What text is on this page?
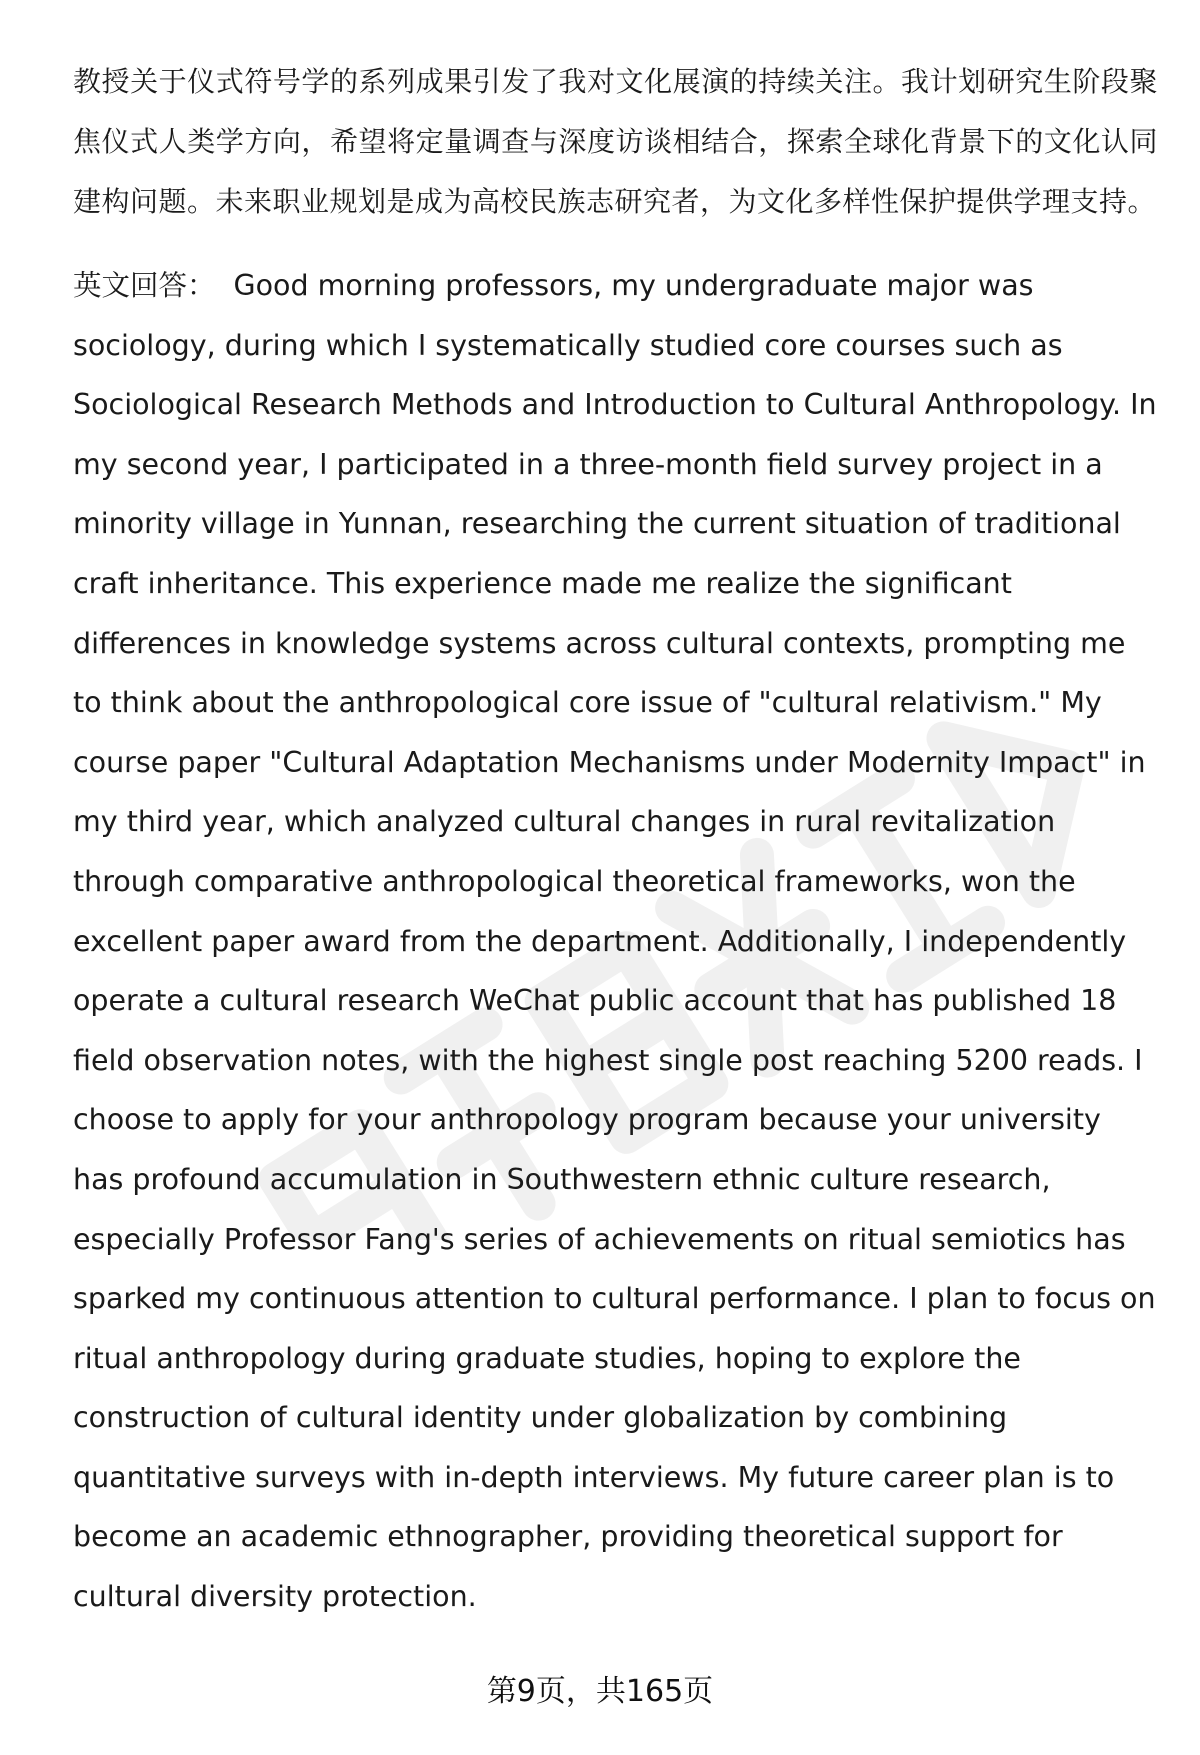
教授关于仪式符号学的系列成果引发了我对文化展演的持续关注。我计划研究生阶段聚焦仪式人类学方向，希望将定量调查与深度访谈相结合，探索全球化背景下的文化认同建构问题。未来职业规划是成为高校民族志研究者，为文化多样性保护提供学理支持。

英文回答： Good morning professors, my undergraduate major was sociology, during which I systematically studied core courses such as Sociological Research Methods and Introduction to Cultural Anthropology. In my second year, I participated in a three-month field survey project in a minority village in Yunnan, researching the current situation of traditional craft inheritance. This experience made me realize the significant differences in knowledge systems across cultural contexts, prompting me to think about the anthropological core issue of "cultural relativism." My course paper "Cultural Adaptation Mechanisms under Modernity Impact" in my third year, which analyzed cultural changes in rural revitalization through comparative anthropological theoretical frameworks, won the excellent paper award from the department. Additionally, I independently operate a cultural research WeChat public account that has published 18 field observation notes, with the highest single post reaching 5200 reads. I choose to apply for your anthropology program because your university has profound accumulation in Southwestern ethnic culture research, especially Professor Fang's series of achievements on ritual semiotics has sparked my continuous attention to cultural performance. I plan to focus on ritual anthropology during graduate studies, hoping to explore the construction of cultural identity under globalization by combining quantitative surveys with in-depth interviews. My future career plan is to become an academic ethnographer, providing theoretical support for cultural diversity protection.

第9页，共165页
